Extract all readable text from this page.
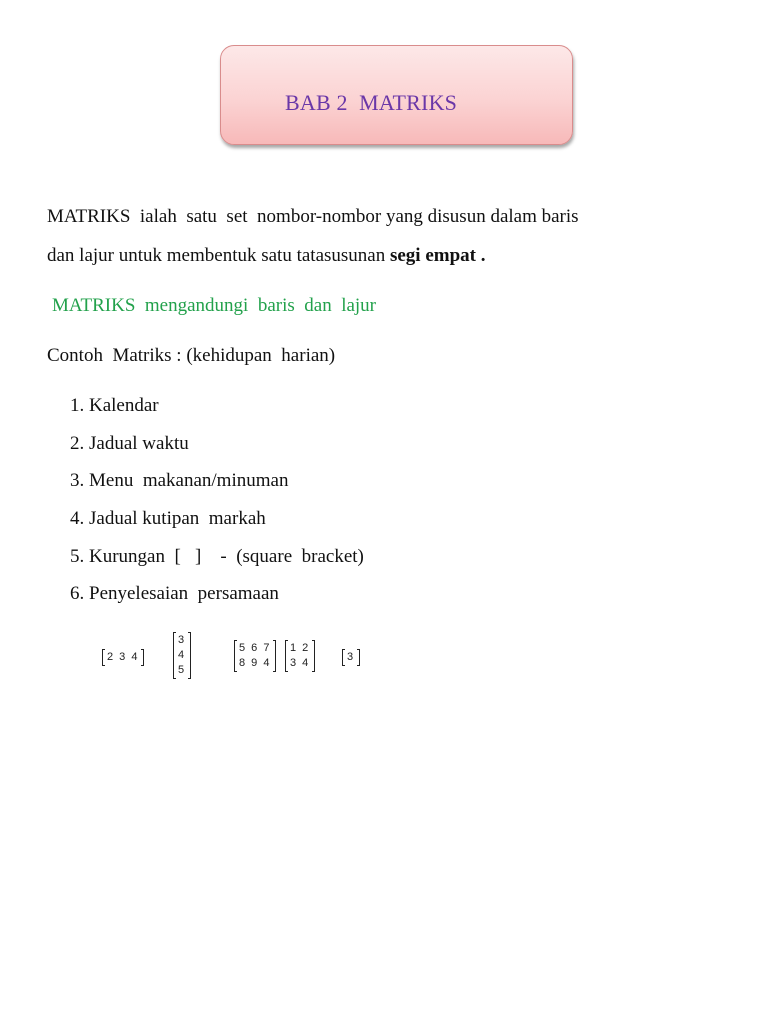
BAB 2  MATRIKS
MATRIKS  ialah  satu  set  nombor-nombor yang disusun dalam baris
dan lajur untuk membentuk satu tatasusunan segi empat .
MATRIKS  mengandungi  baris  dan  lajur
Contoh  Matriks : (kehidupan  harian)
1. Kalendar
2. Jadual waktu
3. Menu  makanan/minuman
4. Jadual kutipan  markah
5. Kurungan  [   ]    -  (square  bracket)
6. Penyelesaian  persamaan
2 3 4
3
4
5
5 6 7
8 9 4
1 2
3 4	3
